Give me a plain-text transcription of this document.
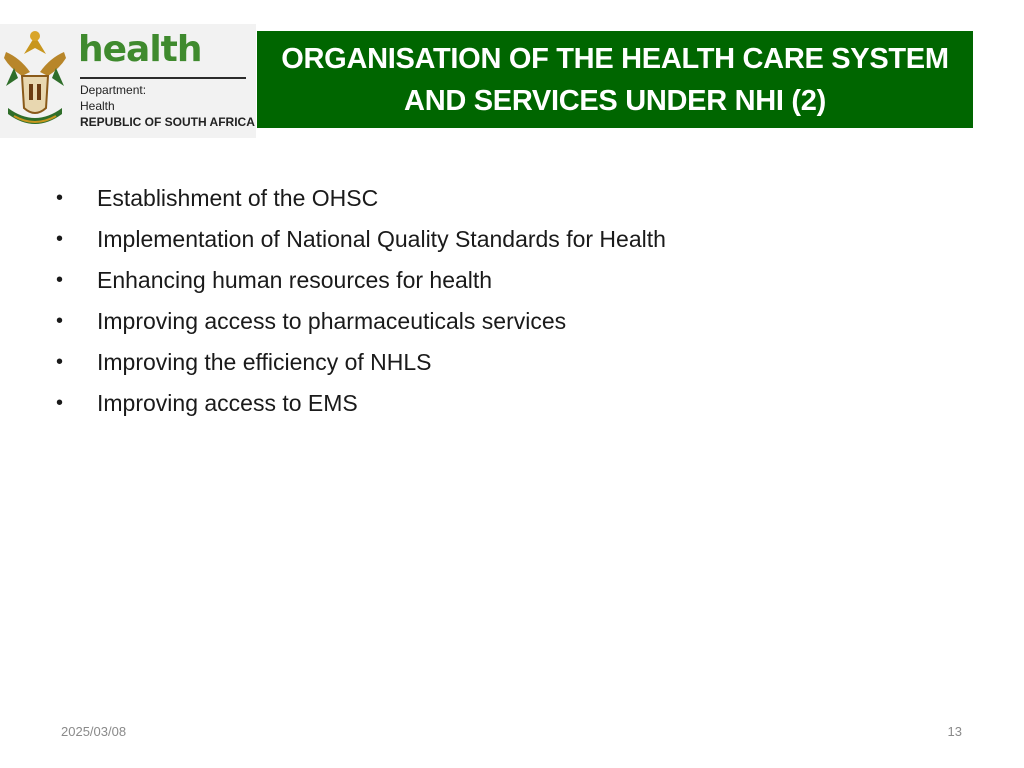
health
Department:
Health
REPUBLIC OF SOUTH AFRICA
ORGANISATION OF THE HEALTH CARE SYSTEM
AND SERVICES UNDER NHI (2)
• Establishment of the OHSC
• Implementation of National Quality Standards for Health
• Enhancing human resources for health
• Improving access to pharmaceuticals services
• Improving the efficiency of NHLS
• Improving access to EMS
2025/03/08	13
